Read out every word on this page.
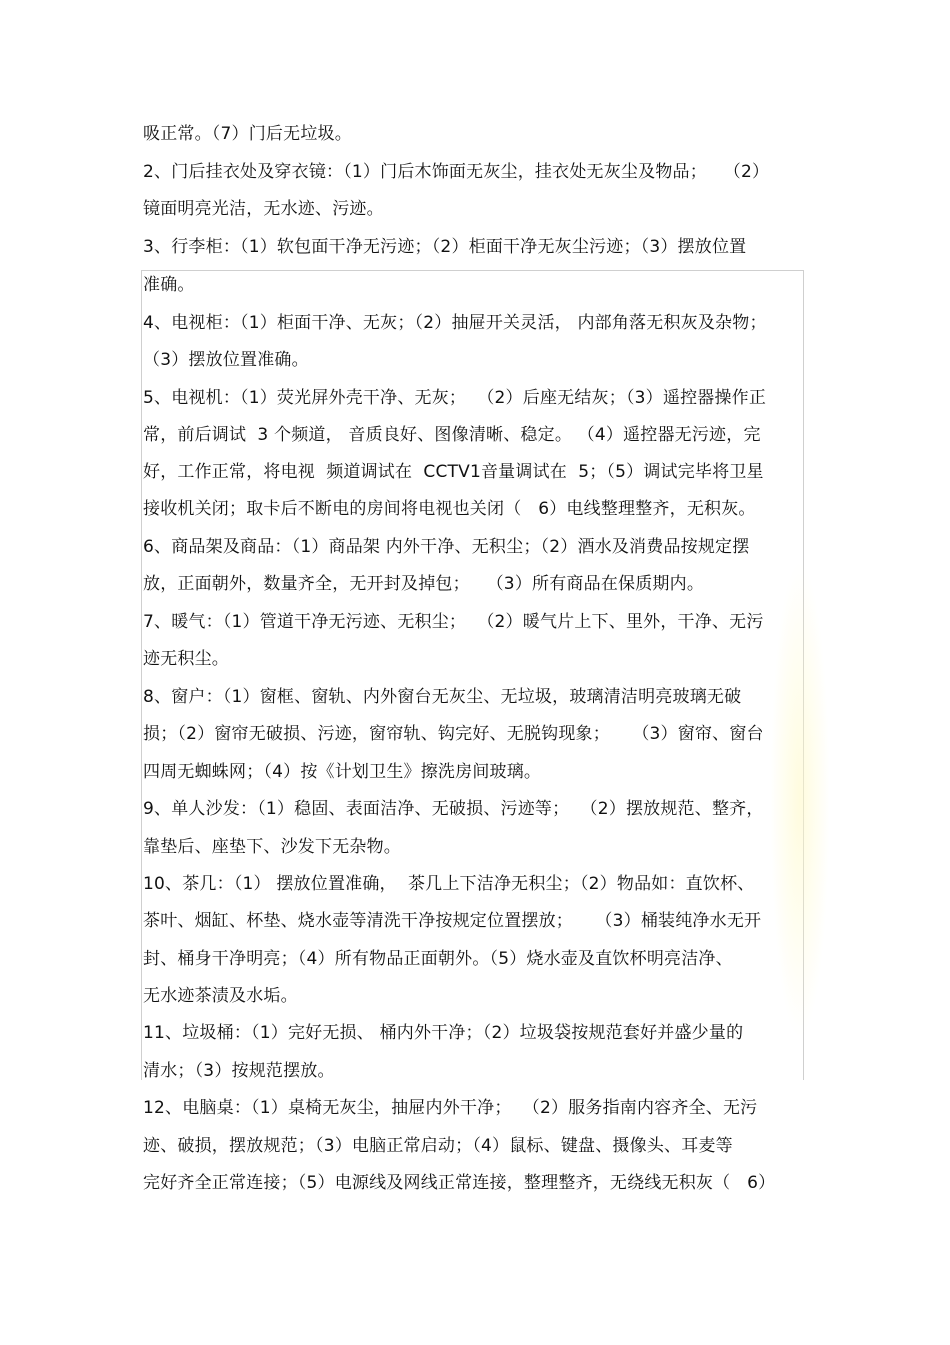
吸正常。（7）门后无垃圾。
2、门后挂衣处及穿衣镜：（1）门后木饰面无灰尘，挂衣处无灰尘及物品；   （2）
镜面明亮光洁，无水迹、污迹。
3、行李柜：（1）软包面干净无污迹；（2）柜面干净无灰尘污迹；（3）摆放位置
准确。
4、电视柜：（1）柜面干净、无灰；（2）抽屉开关灵活， 内部角落无积灰及杂物；
（3）摆放位置准确。
5、电视机：（1）荧光屏外壳干净、无灰；  （2）后座无结灰；（3）遥控器操作正
常，前后调试  3 个频道， 音质良好、图像清晰、稳定。 （4）遥控器无污迹，完
好，工作正常，将电视  频道调试在  CCTV1音量调试在  5；（5）调试完毕将卫星
接收机关闭；取卡后不断电的房间将电视也关闭（   6）电线整理整齐，无积灰。
6、商品架及商品：（1）商品架 内外干净、无积尘；（2）酒水及消费品按规定摆
放，正面朝外，数量齐全，无开封及掉包；   （3）所有商品在保质期内。
7、暖气：（1）管道干净无污迹、无积尘；  （2）暖气片上下、里外，干净、无污
迹无积尘。
8、窗户：（1）窗框、窗轨、内外窗台无灰尘、无垃圾，玻璃清洁明亮玻璃无破
损；（2）窗帘无破损、污迹，窗帘轨、钩完好、无脱钩现象；    （3）窗帘、窗台
四周无蜘蛛网；（4）按《计划卫生》擦洗房间玻璃。
9、单人沙发：（1）稳固、表面洁净、无破损、污迹等；  （2）摆放规范、整齐，
靠垫后、座垫下、沙发下无杂物。
10、茶几：（1） 摆放位置准确，  茶几上下洁净无积尘；（2）物品如：直饮杯、
茶叶、烟缸、杯垫、烧水壶等清洗干净按规定位置摆放；    （3）桶装纯净水无开
封、桶身干净明亮；（4）所有物品正面朝外。（5）烧水壶及直饮杯明亮洁净、
无水迹茶渍及水垢。
11、垃圾桶：（1）完好无损、 桶内外干净；（2）垃圾袋按规范套好并盛少量的
清水；（3）按规范摆放。
12、电脑桌：（1）桌椅无灰尘，抽屉内外干净；  （2）服务指南内容齐全、无污
迹、破损，摆放规范；（3）电脑正常启动；（4）鼠标、键盘、摄像头、耳麦等
完好齐全正常连接；（5）电源线及网线正常连接，整理整齐，无绕线无积灰（   6）
